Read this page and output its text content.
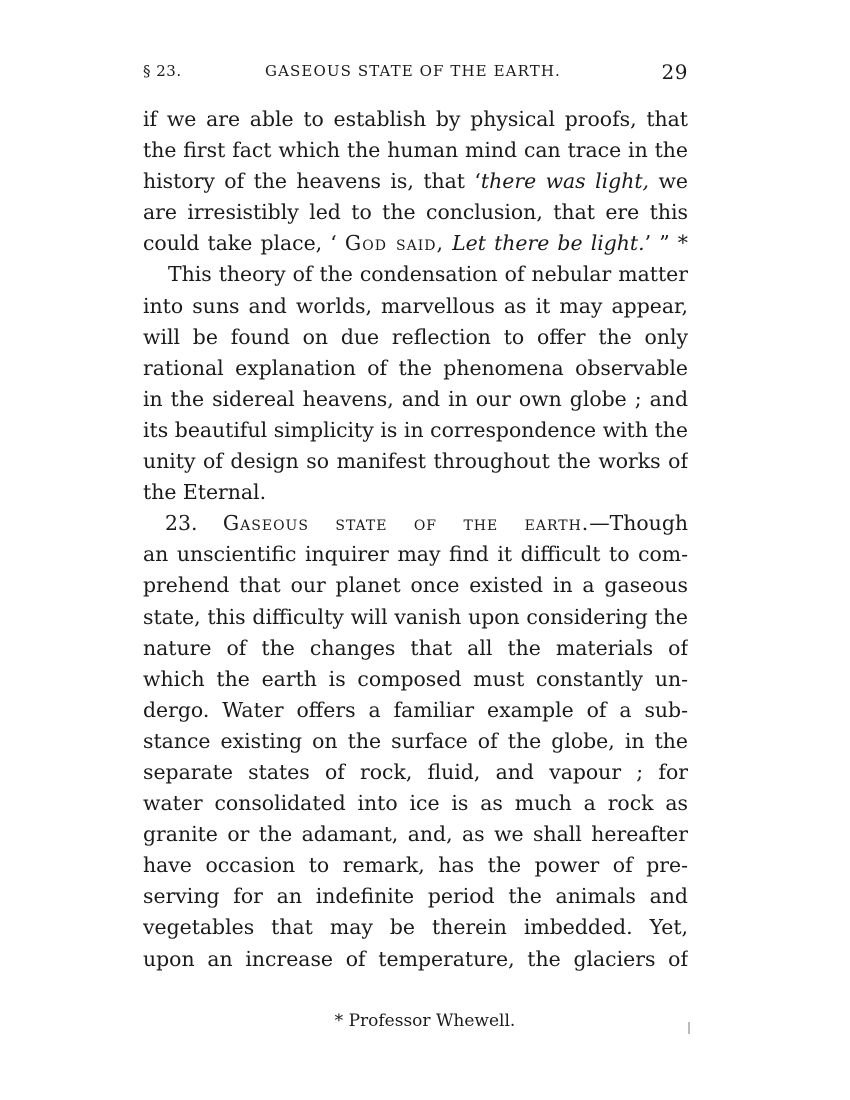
§ 23.	GASEOUS STATE OF THE EARTH.	29
if we are able to establish by physical proofs, that
the first fact which the human mind can trace in the
history of the heavens is, that ‘there was light, we
are irresistibly led to the conclusion, that ere this
could take place, ‘ God said, Let there be light.’ ” *
This theory of the condensation of nebular matter
into suns and worlds, marvellous as it may appear,
will be found on due reflection to offer the only
rational explanation of the phenomena observable
in the sidereal heavens, and in our own globe ; and
its beautiful simplicity is in correspondence with the
unity of design so manifest throughout the works of
the Eternal.
23. Gaseous state of the earth.—Though
an unscientific inquirer may find it difficult to com-
prehend that our planet once existed in a gaseous
state, this difficulty will vanish upon considering the
nature of the changes that all the materials of
which the earth is composed must constantly un-
dergo. Water offers a familiar example of a sub-
stance existing on the surface of the globe, in the
separate states of rock, fluid, and vapour ; for
water consolidated into ice is as much a rock as
granite or the adamant, and, as we shall hereafter
have occasion to remark, has the power of pre-
serving for an indefinite period the animals and
vegetables that may be therein imbedded. Yet,
upon an increase of temperature, the glaciers of
* Professor Whewell.
